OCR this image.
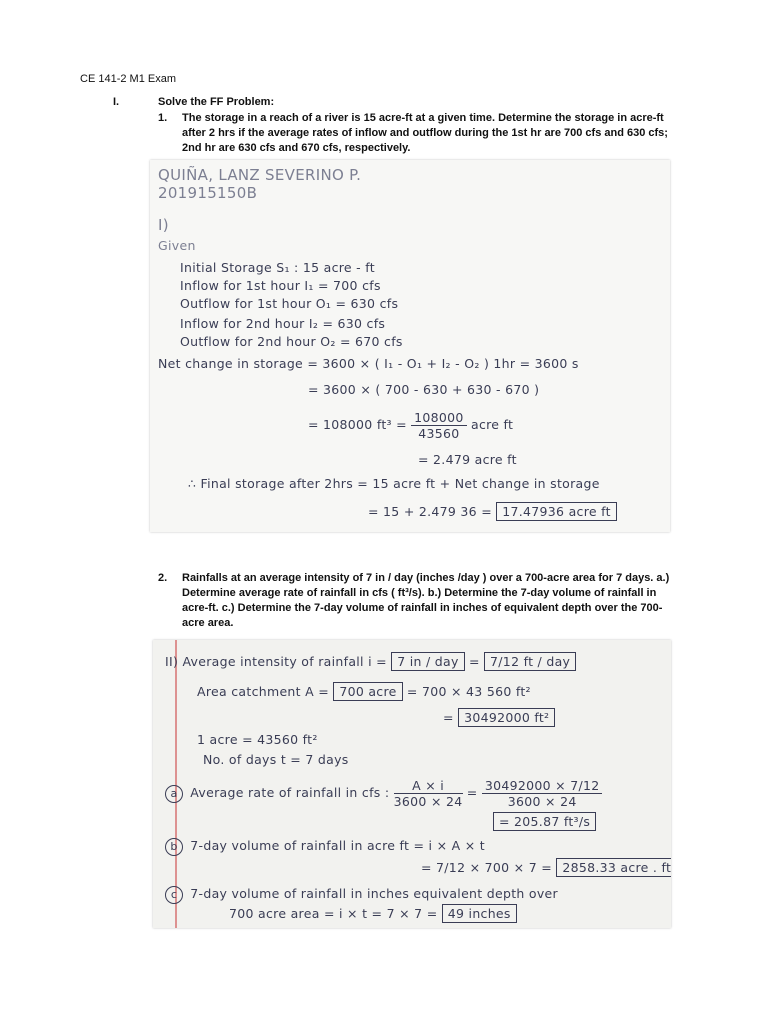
CE 141-2 M1 Exam
I.	Solve the FF Problem:
1. The storage in a reach of a river is 15 acre-ft at a given time. Determine the storage in acre-ft after 2 hrs if the average rates of inflow and outflow during the 1st hr are 700 cfs and 630 cfs; 2nd hr are 630 cfs and 670 cfs, respectively.
QUIÑA, LANZ SEVERINO P.
201915150B
I)
Given
Initial Storage S₁ : 15 acre - ft
Inflow for 1st hour I₁ = 700 cfs
Outflow for 1st hour O₁ = 630 cfs
Inflow for 2nd hour I₂ = 630 cfs
Outflow for 2nd hour O₂ = 670 cfs
Net change in storage = 3600 × ( I₁ - O₁ + I₂ - O₂ ) 1hr = 3600 s
= 3600 × ( 700 - 630 + 630 - 670 )
= 108000 $ft^3 = \frac{108000}{43560}$ acre ft
= 2.479 acre ft
∴ Final storage after 2hrs = 15 acre ft + Net change in storage
= 15 + 2.479 36 = 17.47936 acre ft
2. Rainfalls at an average intensity of 7 in / day (inches /day ) over a 700-acre area for 7 days. a.) Determine average rate of rainfall in cfs ( ft³/s). b.) Determine the 7-day volume of rainfall in acre-ft. c.) Determine the 7-day volume of rainfall in inches of equivalent depth over the 700-acre area.
II) Average intensity of rainfall i = 7 in / day = 7/12 ft / day
Area catchment A = 700 acre = 700 × 43 560 ft²
= 30492000 ft²
1 acre = 43560 ft²
No. of days t = 7 days
a Average rate of rainfall in cfs : $\frac{A \times i}{3600 \times 24} = \frac{30492000 \times 7/12}{3600 \times 24}$
= 205.87 ft³/s
b 7-day volume of rainfall in acre ft = i × A × t
= 7/12 × 700 × 7 = 2858.33 acre . ft
c 7-day volume of rainfall in inches equivalent depth over
700 acre area = i × t = 7 × 7 = 49 inches
